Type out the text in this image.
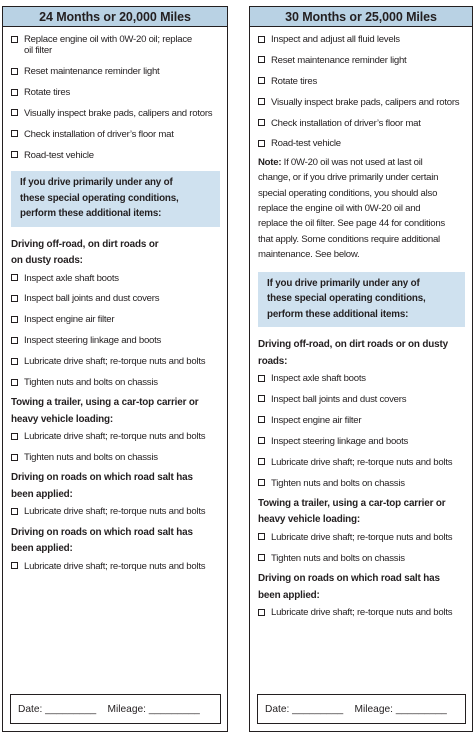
24 Months or 20,000 Miles
Replace engine oil with 0W-20 oil; replace
oil filter
Reset maintenance reminder light
Rotate tires
Visually inspect brake pads, calipers and rotors
Check installation of driver’s floor mat
Road-test vehicle
If you drive primarily under any of
these special operating conditions,
perform these additional items:
Driving off-road, on dirt roads or
on dusty roads:
Inspect axle shaft boots
Inspect ball joints and dust covers
Inspect engine air filter
Inspect steering linkage and boots
Lubricate drive shaft; re-torque nuts and bolts
Tighten nuts and bolts on chassis
Towing a trailer, using a car-top carrier or
heavy vehicle loading:
Lubricate drive shaft; re-torque nuts and bolts
Tighten nuts and bolts on chassis
Driving on roads on which road salt has
been applied:
Lubricate drive shaft; re-torque nuts and bolts
Driving on roads on which road salt has
been applied:
Lubricate drive shaft; re-torque nuts and bolts
Date: _________    Mileage: _________
30 Months or 25,000 Miles
Inspect and adjust all fluid levels
Reset maintenance reminder light
Rotate tires
Visually inspect brake pads, calipers and rotors
Check installation of driver’s floor mat
Road-test vehicle
Note: If 0W-20 oil was not used at last oil
change, or if you drive primarily under certain
special operating conditions, you should also
replace the engine oil with 0W-20 oil and
replace the oil filter. See page 44 for conditions
that apply. Some conditions require additional
maintenance. See below.
If you drive primarily under any of
these special operating conditions,
perform these additional items:
Driving off-road, on dirt roads or on dusty
roads:
Inspect axle shaft boots
Inspect ball joints and dust covers
Inspect engine air filter
Inspect steering linkage and boots
Lubricate drive shaft; re-torque nuts and bolts
Tighten nuts and bolts on chassis
Towing a trailer, using a car-top carrier or
heavy vehicle loading:
Lubricate drive shaft; re-torque nuts and bolts
Tighten nuts and bolts on chassis
Driving on roads on which road salt has
been applied:
Lubricate drive shaft; re-torque nuts and bolts
Date: _________    Mileage: _________
